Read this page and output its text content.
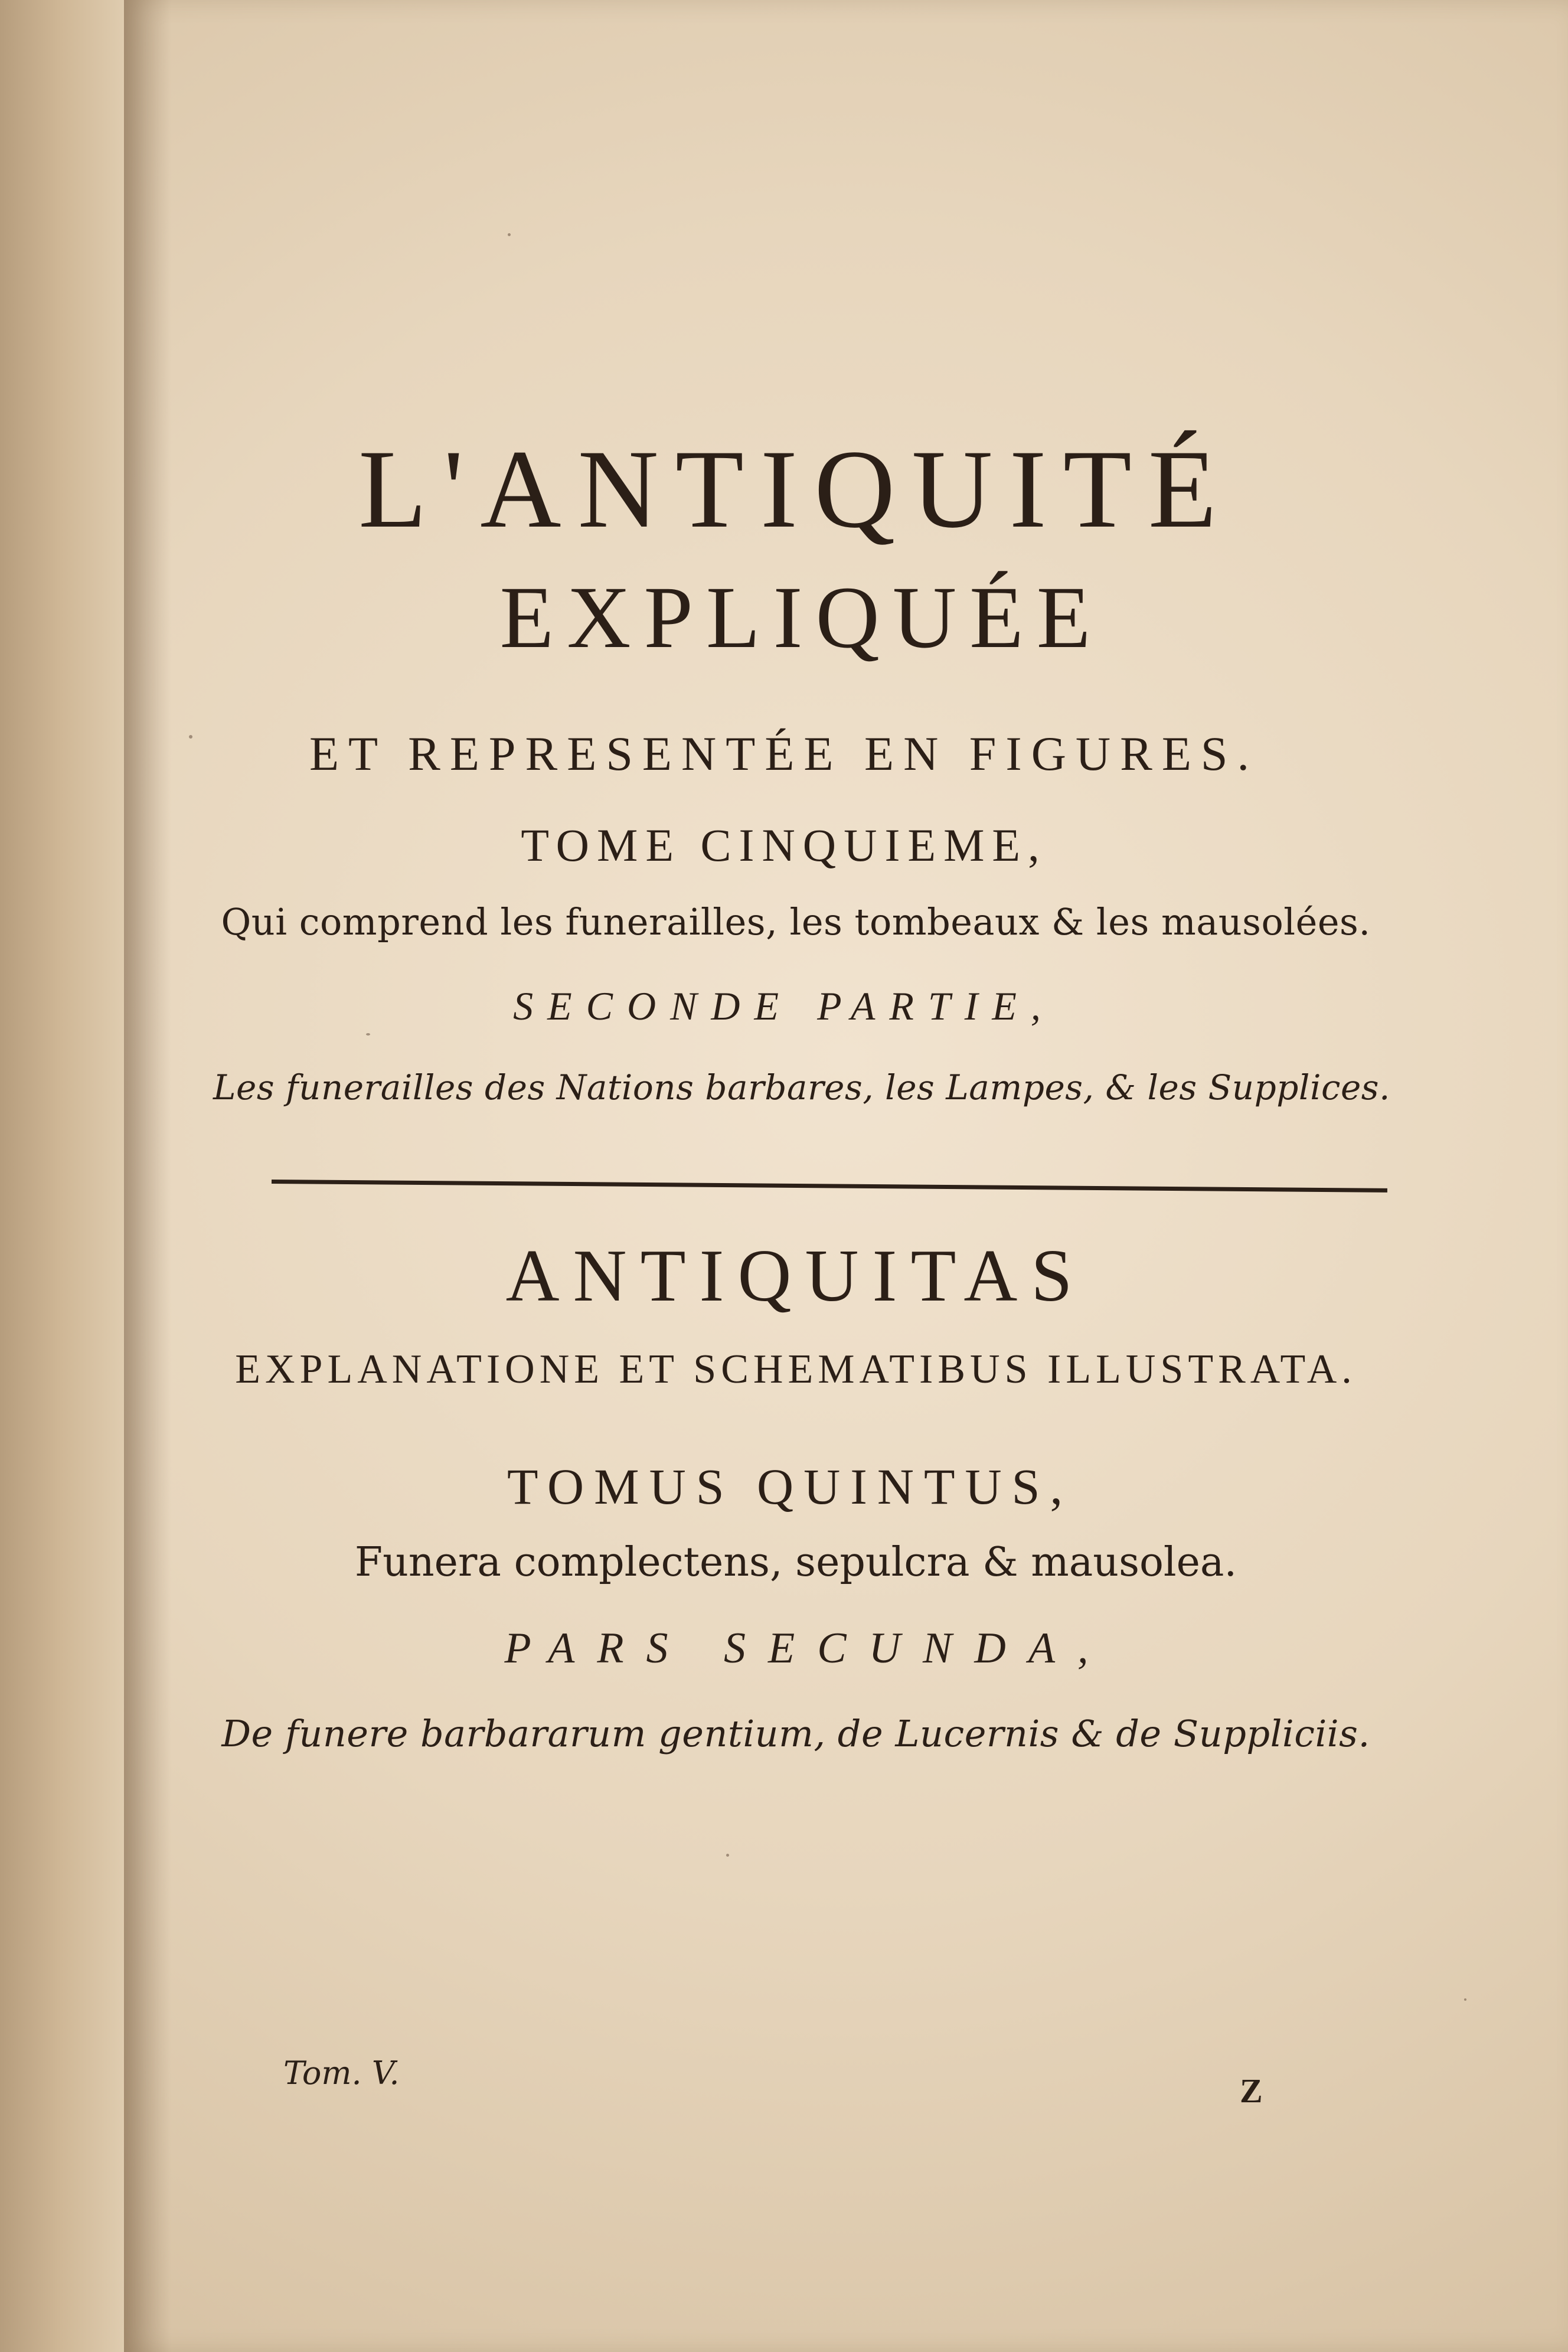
L'ANTIQUITÉ
EXPLIQUÉE
ET REPRESENTÉE EN FIGURES.
TOME CINQUIEME,
Qui comprend les funerailles, les tombeaux & les mausolées.
SECONDE PARTIE,
Les funerailles des Nations barbares, les Lampes, & les Supplices.
ANTIQUITAS
EXPLANATIONE ET SCHEMATIBUS ILLUSTRATA.
TOMUS QUINTUS,
Funera complectens, sepulcra & mausolea.
PARS SECUNDA,
De funere barbararum gentium, de Lucernis & de Suppliciis.
Tom. V.	Z
